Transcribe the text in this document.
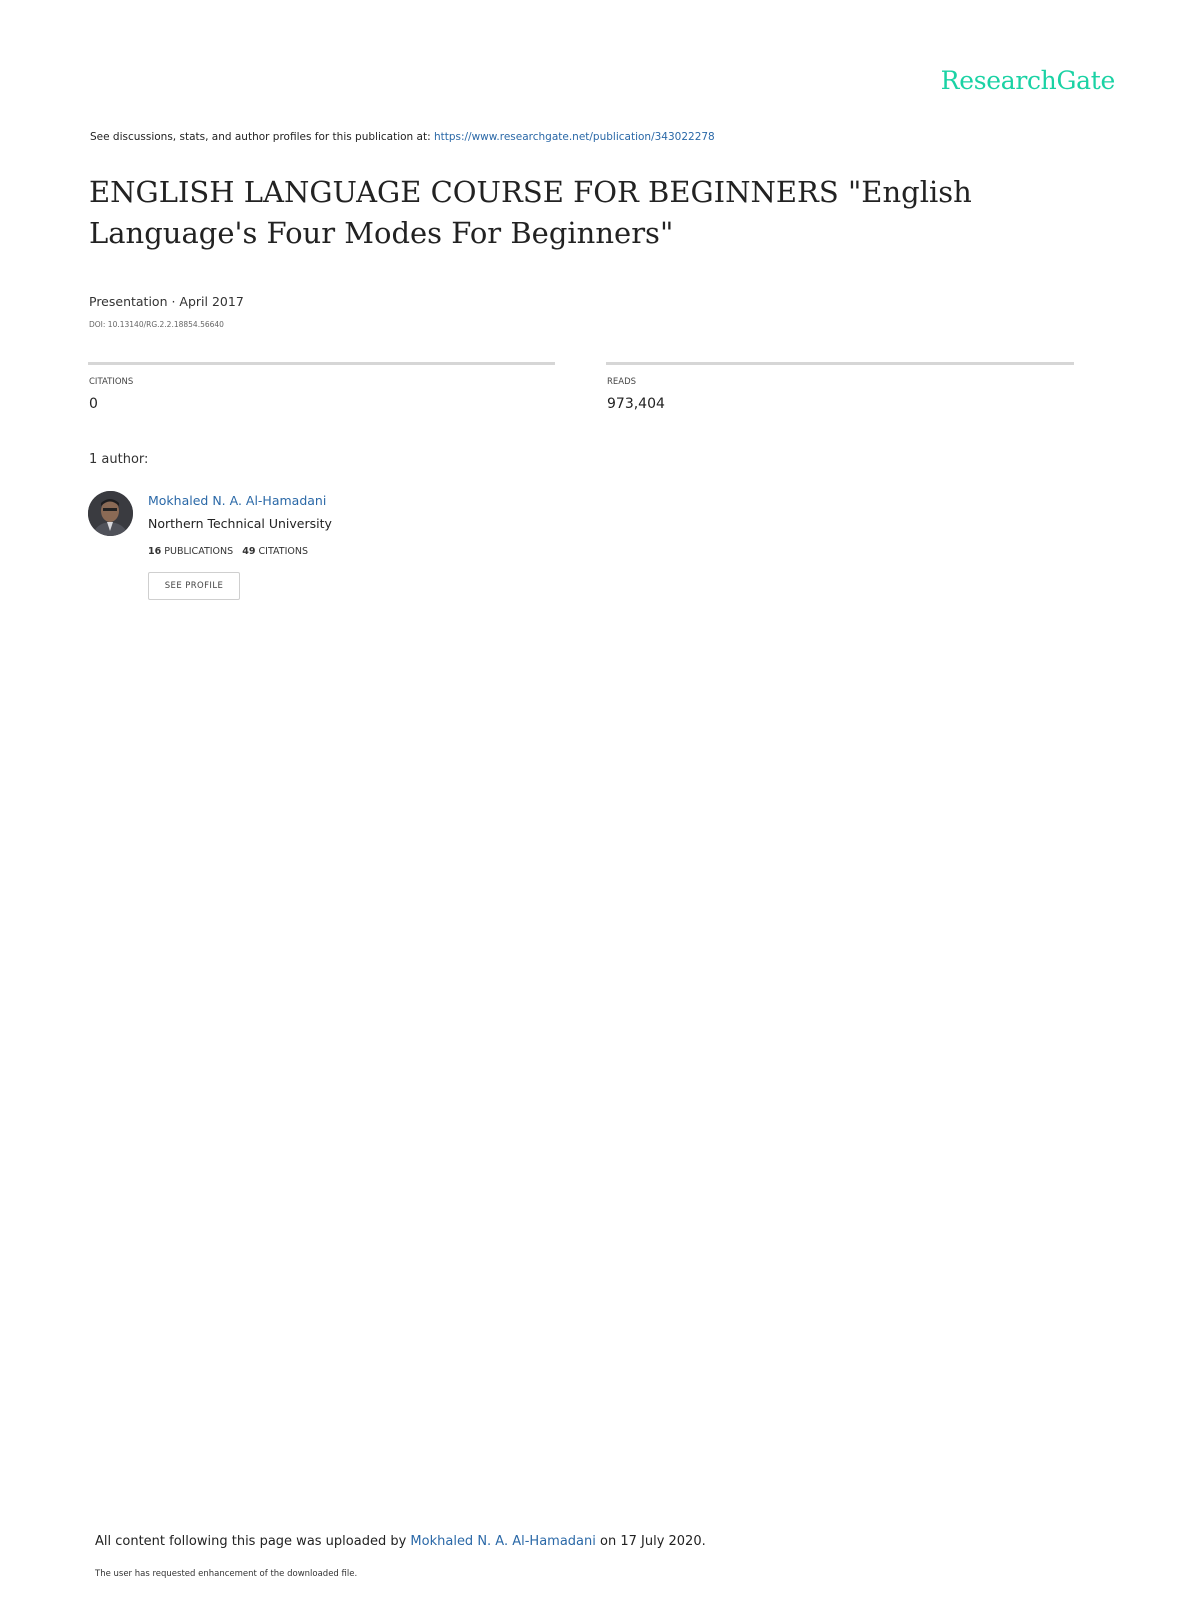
ResearchGate
See discussions, stats, and author profiles for this publication at: https://www.researchgate.net/publication/343022278
ENGLISH LANGUAGE COURSE FOR BEGINNERS "English Language's Four Modes For Beginners"
Presentation · April 2017
DOI: 10.13140/RG.2.2.18854.56640
CITATIONS
0
READS
973,404
1 author:
Mokhaled N. A. Al-Hamadani
Northern Technical University
16 PUBLICATIONS 49 CITATIONS
SEE PROFILE
All content following this page was uploaded by Mokhaled N. A. Al-Hamadani on 17 July 2020.
The user has requested enhancement of the downloaded file.
